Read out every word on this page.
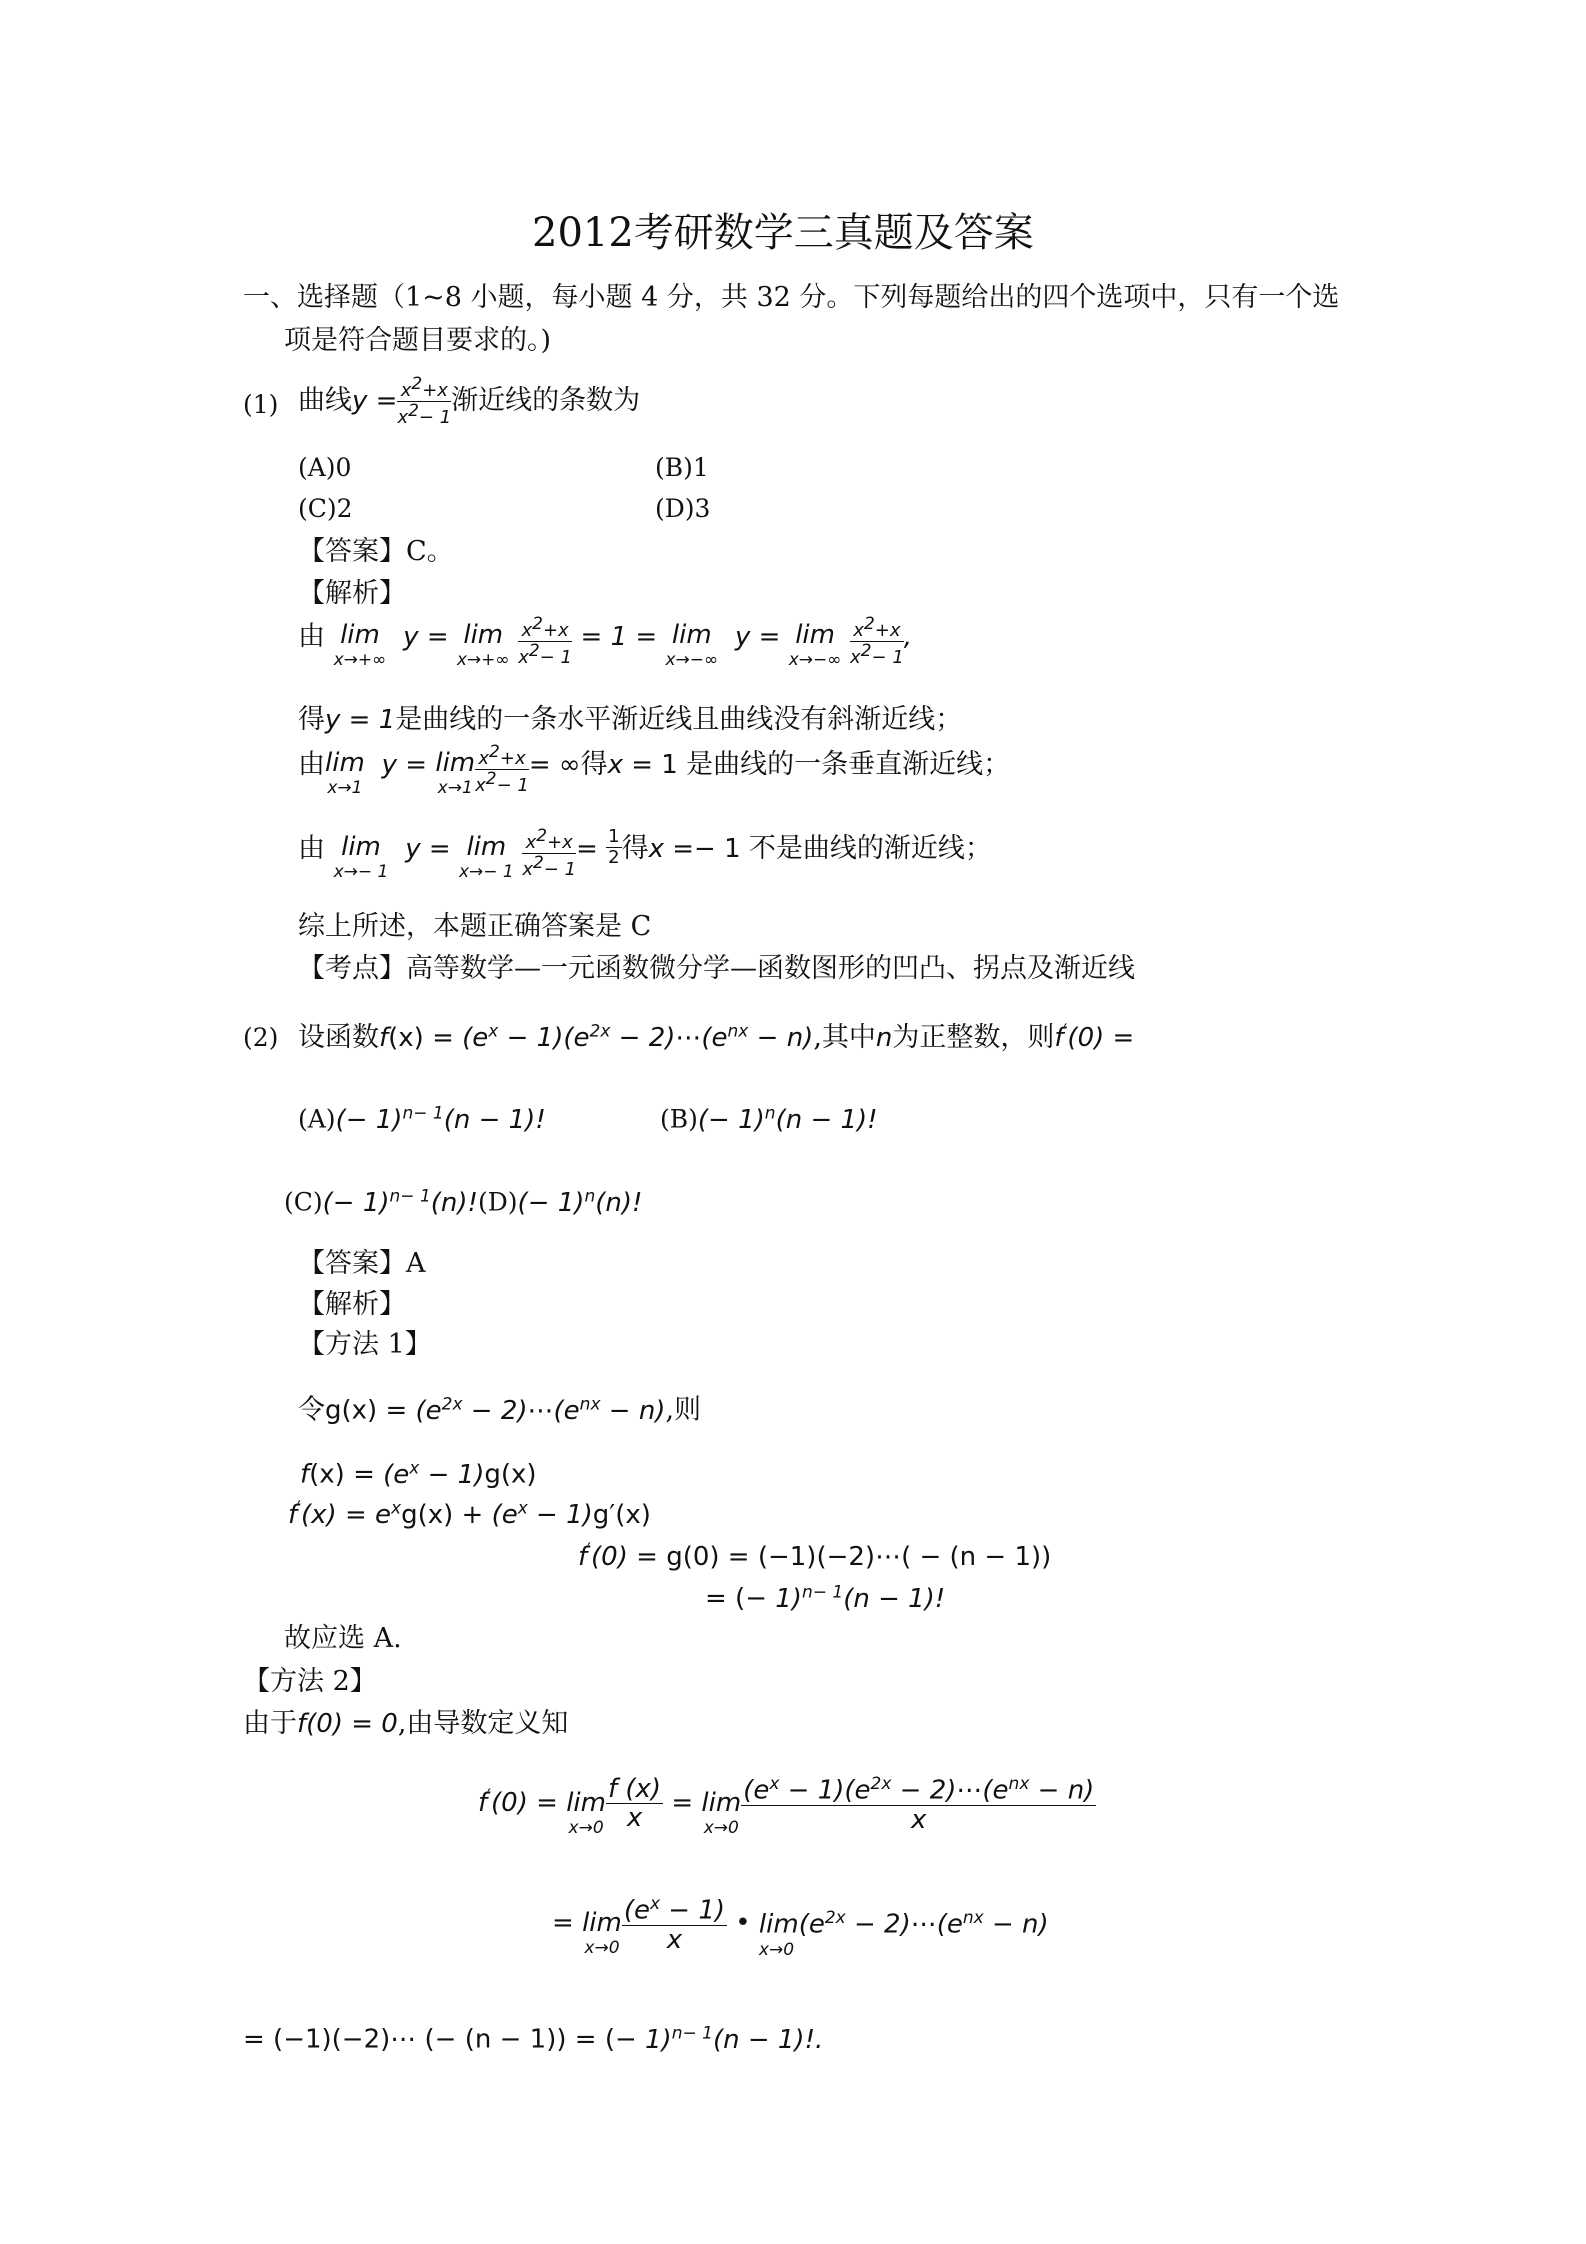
2012考研数学三真题及答案
一、选择题（1~8 小题，每小题 4 分，共 32 分。下列每题给出的四个选项中，只有一个选
项是符合题目要求的。)
(1) 曲线$y = \frac{x^2+x}{x^2- 1}$ 渐近线的条数为
(A)0	(B)1
(C)2	(D)3
【答案】C。
【解析】
由 lim
x→+∞
y = lim
x→+∞
$\frac{x^2+x}{x^2- 1} = 1 = \lim$
x→−∞
y = lim
x→−∞
$\frac{x^2+x}{x^2- 1}$ ,
得y = 1是曲线的一条水平渐近线且曲线没有斜渐近线；
由 lim
x→1
y = lim
$x\to 1 \frac{x^2+x}{x^2- 1}$ = ∞得x = 1 是曲线的一条垂直渐近线；
由 lim
x→− 1
y = lim
x→− 1
$\frac{x^2+x}{x^2- 1} = \frac{1}{2}$ 得x =− 1 不是曲线的渐近线；
综上所述，本题正确答案是 C
【考点】高等数学—一元函数微分学—函数图形的凹凸、拐点及渐近线
(2) 设函数$f(x) = (e^x - 1)(e^{2x}$ − $2)\cdots(e^{nx} - n)$,其中n为正整数，则f′(0) =
$(A)(- 1)^{n- 1}(n - 1)$!	$(B)(- 1)^n(n - 1)$!
$(C)(- 1)^{n- 1}(n)!(D)(- 1)^n(n)$!
【答案】A
【解析】
【方法 1】
令$g(x) = (e^{2x}$ − $2)\cdots(e^{nx} - n)$,则
$f(x) = (e^x - 1)g(x)$
$f'(x) = e^xg(x) + (e^x - 1)g'(x)$
f′(0) = g(0) = (−1)(−2)⋯( − (n − 1))
= (− 1)$^{n- 1}$(n − 1)!
故应选 A.
【方法 2】
由于f(0) = 0,由导数定义知
f′(0) = lim
$x\to 0 \frac{f (x)}{x} = \lim$
x→0
$(e^x - 1)(e^{2x}$ − $2)\cdots(e^{nx} - n)$
x
= lim
$x\to 0 \frac{(e^x - 1)}{x}$ • $\lim(e^{2x}$ − $2)\cdots(e^{nx} - n)$
x→0
= (−1)(−2)⋯ (− (n − 1)) = (− 1)$^{n- 1}$(n − 1)!.
